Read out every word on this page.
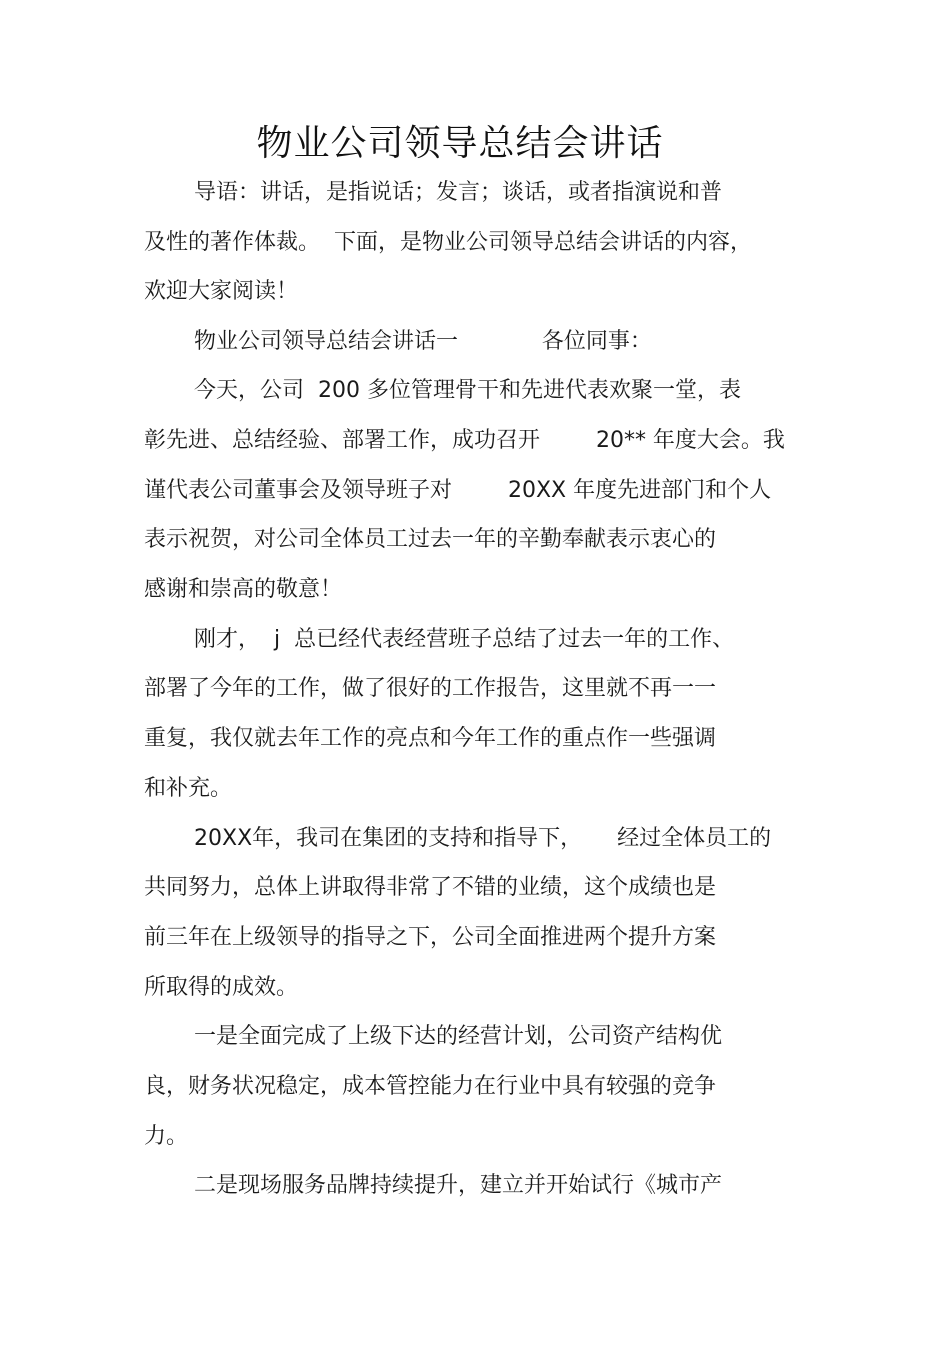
物业公司领导总结会讲话
导语：讲话，是指说话；发言；谈话，或者指演说和普
及性的著作体裁。  下面，是物业公司领导总结会讲话的内容，
欢迎大家阅读！
物业公司领导总结会讲话一            各位同事：
今天，公司  200 多位管理骨干和先进代表欢聚一堂，表
彰先进、总结经验、部署工作，成功召开        20** 年度大会。我
谨代表公司董事会及领导班子对        20XX 年度先进部门和个人
表示祝贺，对公司全体员工过去一年的辛勤奉献表示衷心的
感谢和崇高的敬意！
刚才，  j  总已经代表经营班子总结了过去一年的工作、
部署了今年的工作，做了很好的工作报告，这里就不再一一
重复，我仅就去年工作的亮点和今年工作的重点作一些强调
和补充。
20XX年，我司在集团的支持和指导下，     经过全体员工的
共同努力，总体上讲取得非常了不错的业绩，这个成绩也是
前三年在上级领导的指导之下，公司全面推进两个提升方案
所取得的成效。
一是全面完成了上级下达的经营计划，公司资产结构优
良，财务状况稳定，成本管控能力在行业中具有较强的竞争
力。
二是现场服务品牌持续提升，建立并开始试行《城市产
